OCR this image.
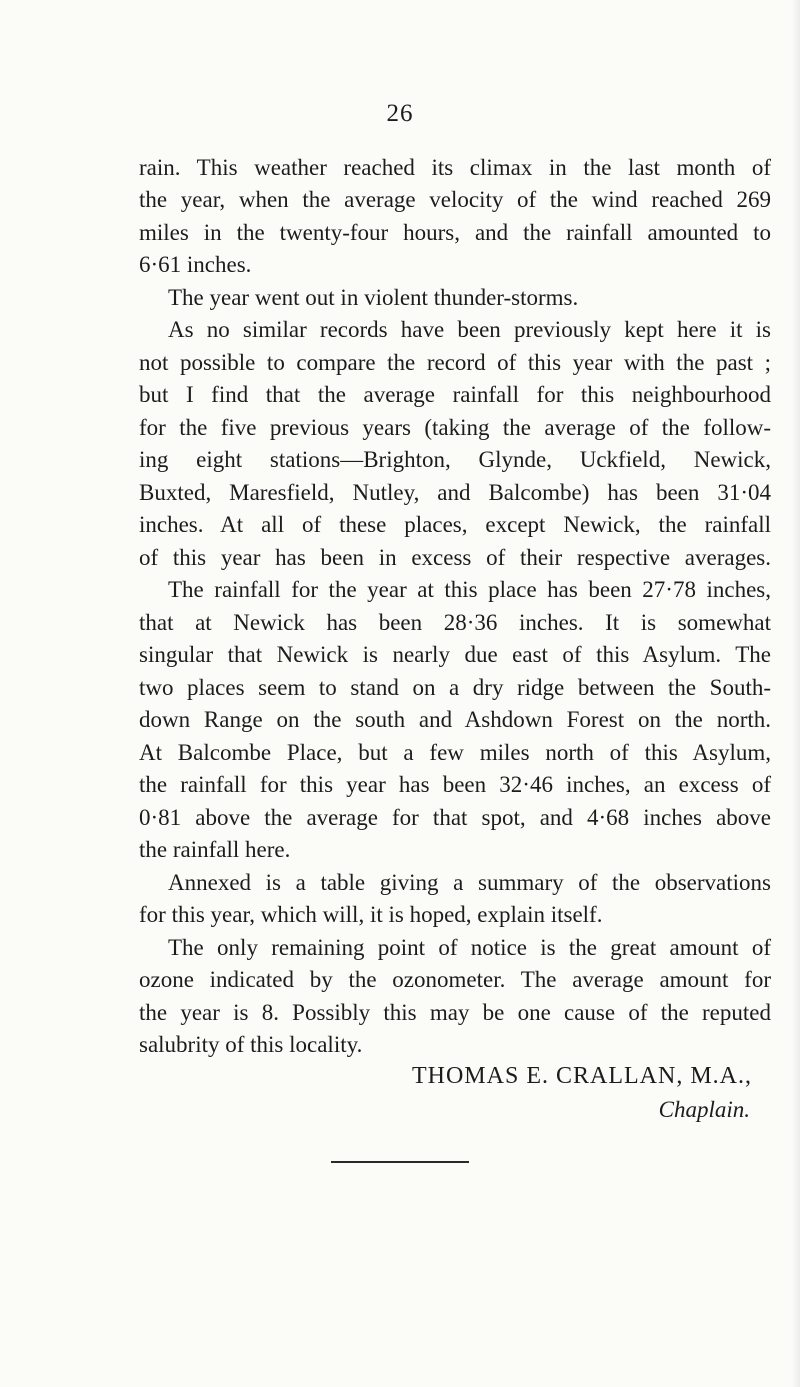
26
rain. This weather reached its climax in the last month of
the year, when the average velocity of the wind reached 269
miles in the twenty-four hours, and the rainfall amounted to
6·61 inches.
The year went out in violent thunder-storms.
As no similar records have been previously kept here it is
not possible to compare the record of this year with the past ;
but I find that the average rainfall for this neighbourhood
for the five previous years (taking the average of the follow-
ing eight stations—Brighton, Glynde, Uckfield, Newick,
Buxted, Maresfield, Nutley, and Balcombe) has been 31·04
inches. At all of these places, except Newick, the rainfall
of this year has been in excess of their respective averages.
The rainfall for the year at this place has been 27·78 inches,
that at Newick has been 28·36 inches. It is somewhat
singular that Newick is nearly due east of this Asylum. The
two places seem to stand on a dry ridge between the South-
down Range on the south and Ashdown Forest on the north.
At Balcombe Place, but a few miles north of this Asylum,
the rainfall for this year has been 32·46 inches, an excess of
0·81 above the average for that spot, and 4·68 inches above
the rainfall here.
Annexed is a table giving a summary of the observations
for this year, which will, it is hoped, explain itself.
The only remaining point of notice is the great amount of
ozone indicated by the ozonometer. The average amount for
the year is 8. Possibly this may be one cause of the reputed
salubrity of this locality.
THOMAS E. CRALLAN, M.A.,
Chaplain.
